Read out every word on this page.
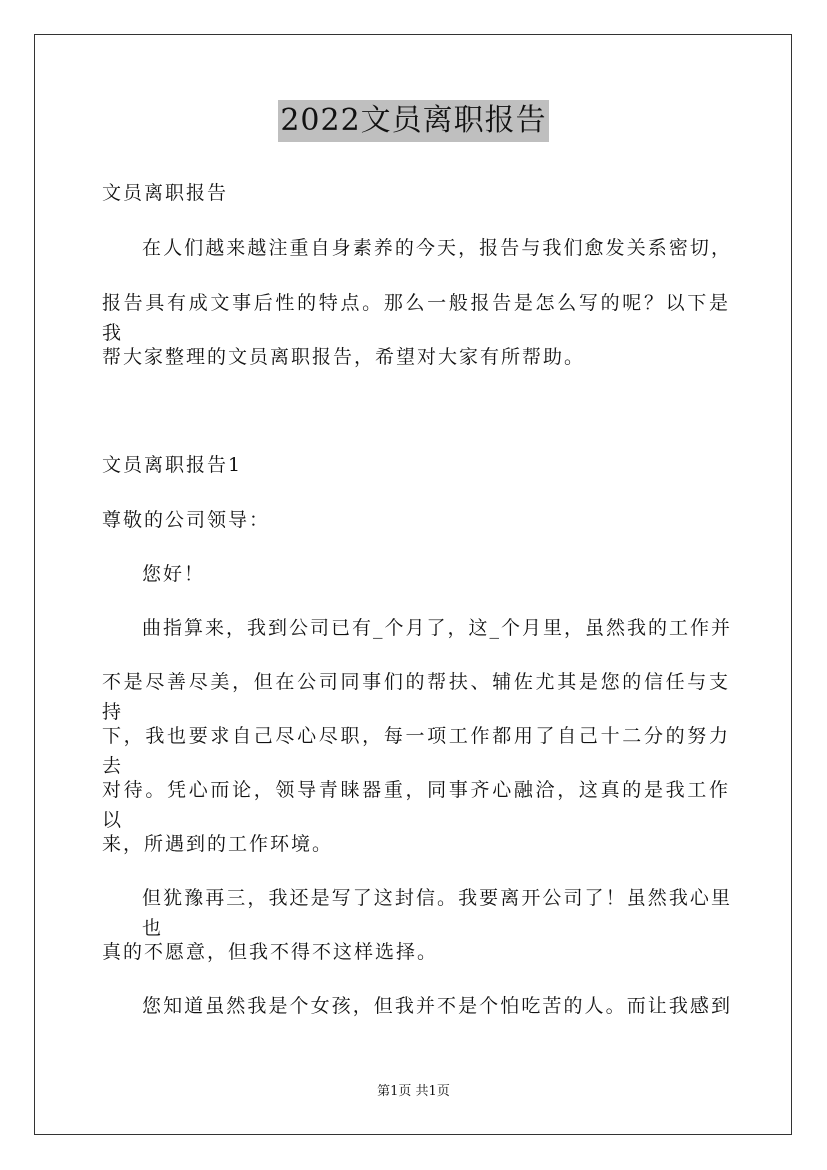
2022文员离职报告
文员离职报告
在人们越来越注重自身素养的今天，报告与我们愈发关系密切，
报告具有成文事后性的特点。那么一般报告是怎么写的呢？以下是我
帮大家整理的文员离职报告，希望对大家有所帮助。
文员离职报告1
尊敬的公司领导：
您好！
曲指算来，我到公司已有_个月了，这_个月里，虽然我的工作并
不是尽善尽美，但在公司同事们的帮扶、辅佐尤其是您的信任与支持
下，我也要求自己尽心尽职，每一项工作都用了自己十二分的努力去
对待。凭心而论，领导青睐器重，同事齐心融洽，这真的是我工作以
来，所遇到的工作环境。
但犹豫再三，我还是写了这封信。我要离开公司了！虽然我心里也
真的不愿意，但我不得不这样选择。
您知道虽然我是个女孩，但我并不是个怕吃苦的人。而让我感到
第1页 共1页
